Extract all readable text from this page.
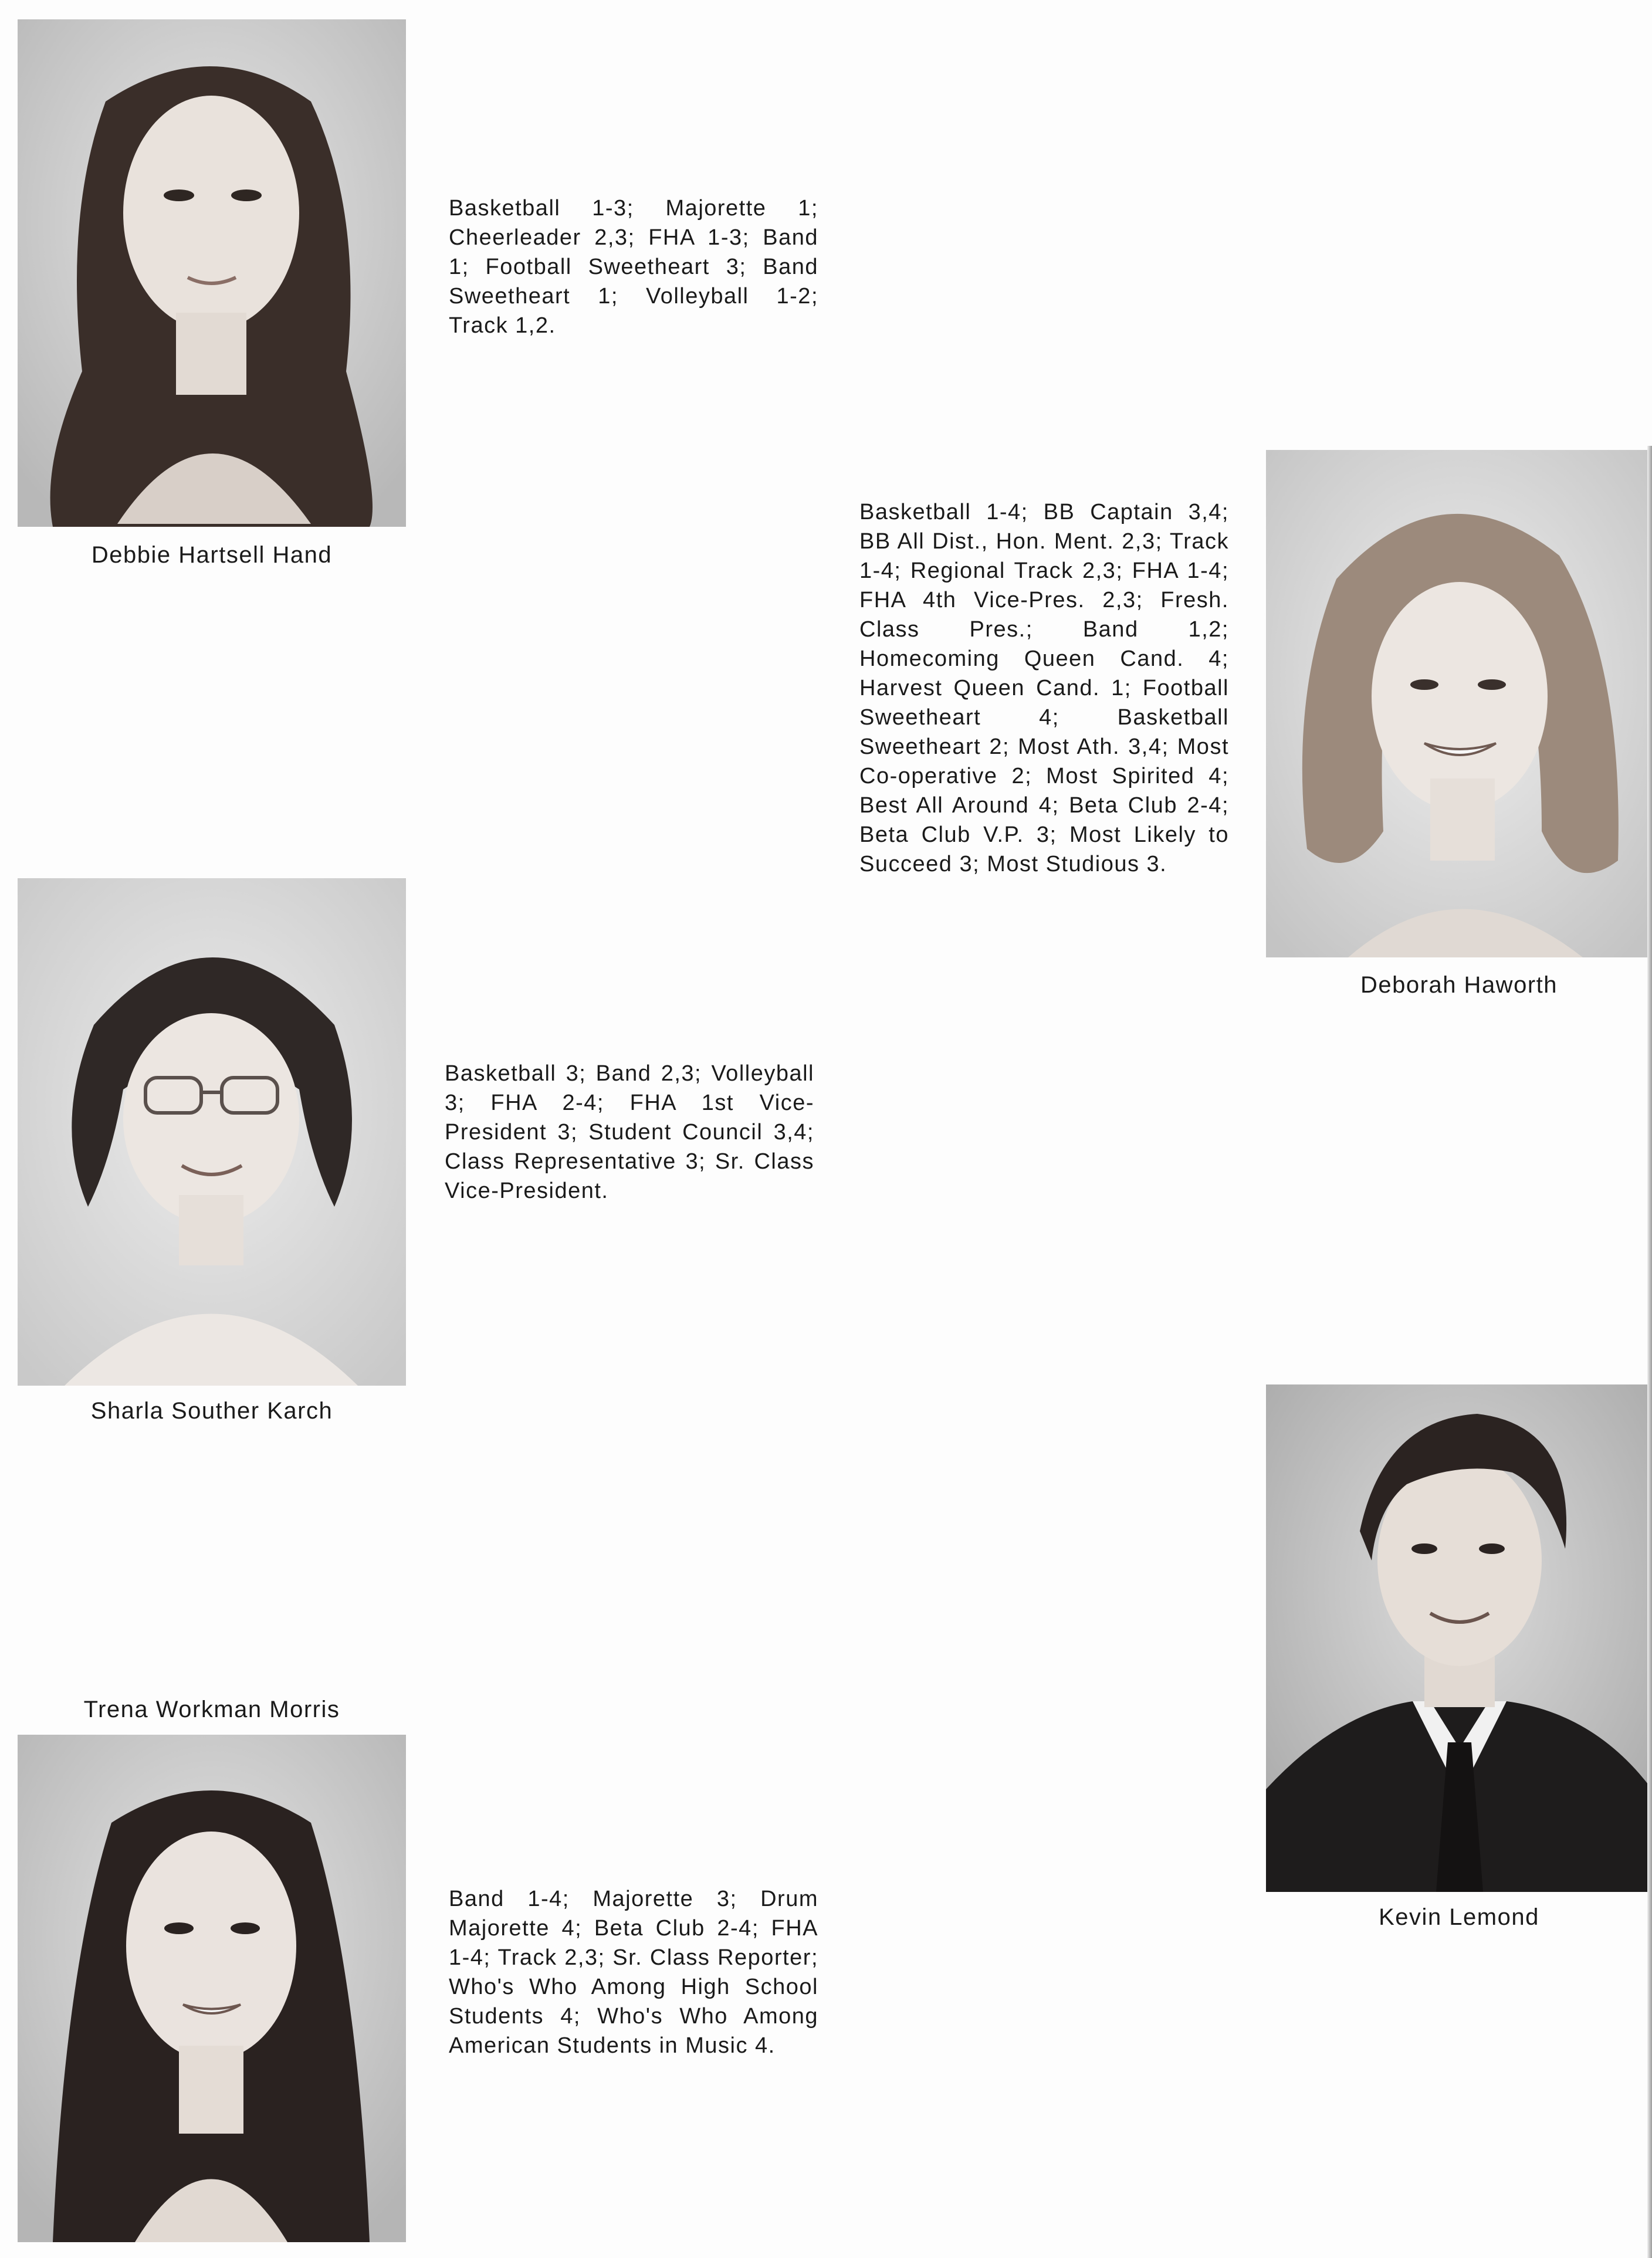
Debbie Hartsell Hand

Basketball 1-3; Majorette 1; Cheerleader 2,3; FHA 1-3; Band 1; Football Sweetheart 3; Band Sweetheart 1; Volleyball 1-2; Track 1,2.

Deborah Haworth

Basketball 1-4; BB Captain 3,4; BB All Dist., Hon. Ment. 2,3; Track 1-4; Regional Track 2,3; FHA 1-4; FHA 4th Vice-Pres. 2,3; Fresh. Class Pres.; Band 1,2; Homecoming Queen Cand. 4; Harvest Queen Cand. 1; Football Sweetheart 4; Basketball Sweetheart 2; Most Ath. 3,4; Most Co-operative 2; Most Spirited 4; Best All Around 4; Beta Club 2-4; Beta Club V.P. 3; Most Likely to Succeed 3; Most Studious 3.

Sharla Souther Karch

Basketball 3; Band 2,3; Volleyball 3; FHA 2-4; FHA 1st Vice-President 3; Student Council 3,4; Class Representative 3; Sr. Class Vice-President.

Trena Workman Morris

Band 1-4; Majorette 3; Drum Majorette 4; Beta Club 2-4; FHA 1-4; Track 2,3; Sr. Class Reporter; Who's Who Among High School Students 4; Who's Who Among American Students in Music 4.

Kevin Lemond
